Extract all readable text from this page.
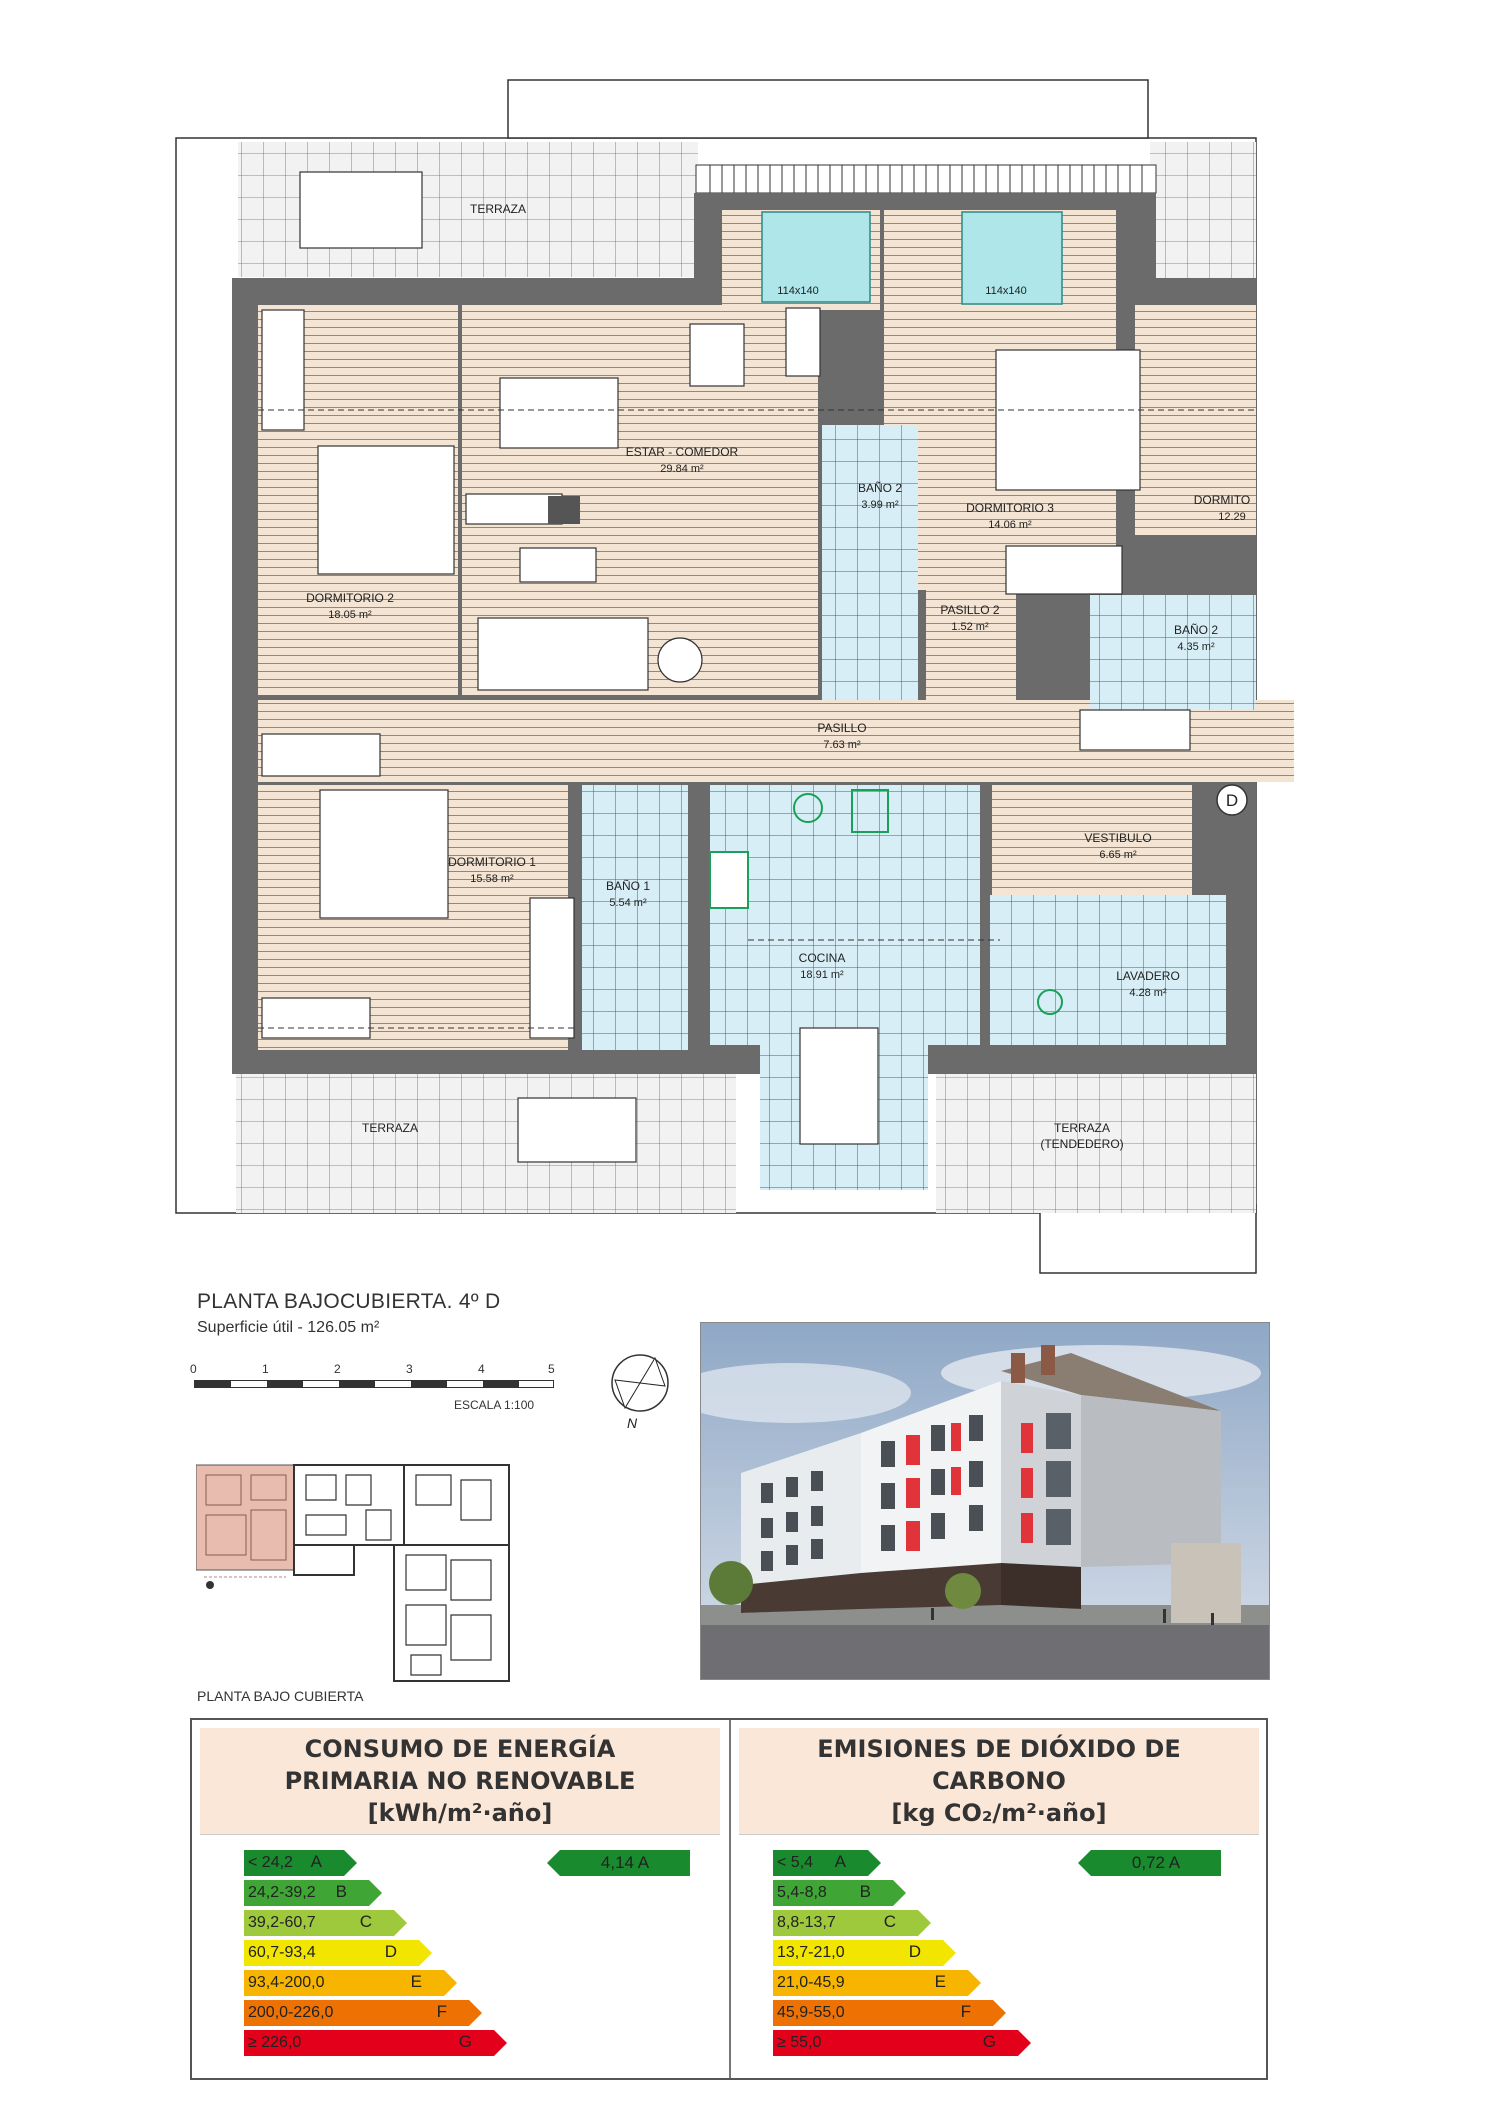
D
114x140	114x140
TERRAZA
ESTAR - COMEDOR
29.84 m²
DORMITORIO 2
18.05 m²
BAÑO 2
3.99 m²	DORMITORIO 3
14.06 m²
DORMITO
12.29
PASILLO 2
1.52 m²	BAÑO 2
4.35 m²
PASILLO
7.63 m²
DORMITORIO 1
15.58 m²	BAÑO 1
5.54 m²
COCINA
18.91 m²
VESTIBULO
6.65 m²
LAVADERO
4.28 m²
TERRAZA	TERRAZA
(TENDEDERO)
PLANTA BAJOCUBIERTA. 4º D
Superficie útil - 126.05 m²
0	1	2	3	4	5
ESCALA 1:100
N
PLANTA BAJO CUBIERTA
CONSUMO DE ENERGÍA
PRIMARIA NO RENOVABLE
[kWh/m²·año]
< 24,2 A
24,2-39,2 B
39,2-60,7	C
60,7-93,4	D
93,4-200,0	E
200,0-226,0	F
≥ 226,0	G
4,14 A
EMISIONES DE DIÓXIDO DE
CARBONO
[kg CO₂/m²·año]
< 5,4 A
5,4-8,8 B
8,8-13,7	C
13,7-21,0	D
21,0-45,9	E
45,9-55,0	F
≥ 55,0	G
0,72 A
